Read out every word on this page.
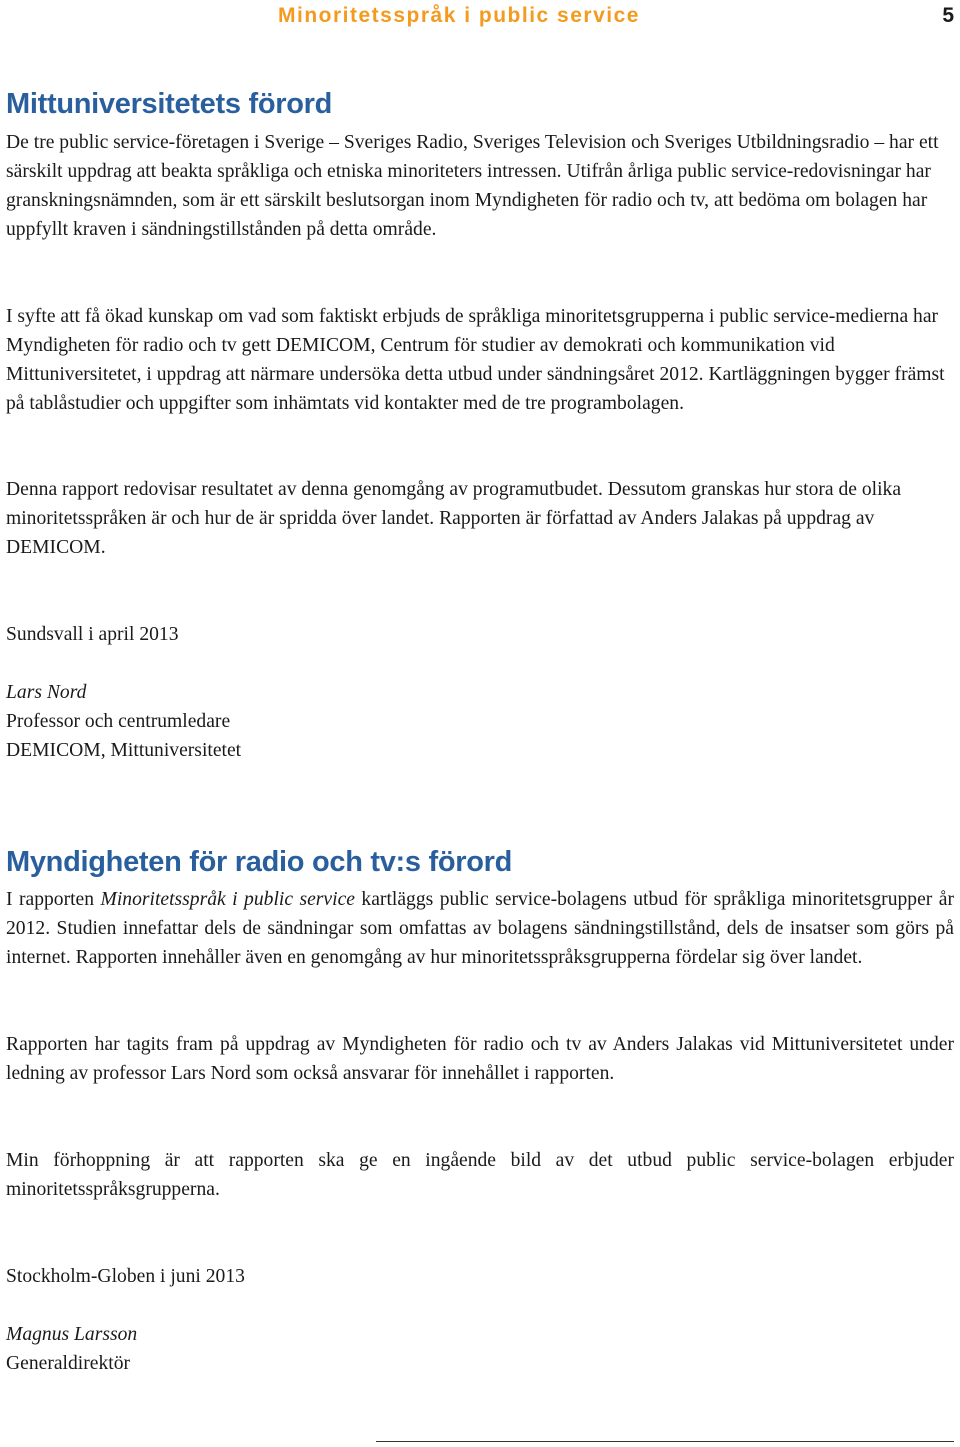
Minoritetsspråk i public service	5
Mittuniversitetets förord

De tre public service-företagen i Sverige – Sveriges Radio, Sveriges Television och Sveriges Utbildningsradio – har ett särskilt uppdrag att beakta språkliga och etniska minoriteters intressen. Utifrån årliga public service-redovisningar har granskningsnämnden, som är ett särskilt beslutsorgan inom Myndigheten för radio och tv, att bedöma om bolagen har uppfyllt kraven i sändningstillstånden på detta område.

I syfte att få ökad kunskap om vad som faktiskt erbjuds de språkliga minoritetsgrupperna i public service-medierna har Myndigheten för radio och tv gett DEMICOM, Centrum för studier av demokrati och kommunikation vid Mittuniversitetet, i uppdrag att närmare undersöka detta utbud under sändningsåret 2012. Kartläggningen bygger främst på tablåstudier och uppgifter som inhämtats vid kontakter med de tre programbolagen.

Denna rapport redovisar resultatet av denna genomgång av programutbudet. Dessutom granskas hur stora de olika minoritetsspråken är och hur de är spridda över landet. Rapporten är författad av Anders Jalakas på uppdrag av DEMICOM.

Sundsvall i april 2013
Lars Nord
Professor och centrumledare
DEMICOM, Mittuniversitetet
Myndigheten för radio och tv:s förord

I rapporten Minoritetsspråk i public service kartläggs public service-bolagens utbud för språkliga minoritetsgrupper år 2012. Studien innefattar dels de sändningar som omfattas av bolagens sändningstillstånd, dels de insatser som görs på internet. Rapporten innehåller även en genomgång av hur minoritetsspråksgrupperna fördelar sig över landet.

Rapporten har tagits fram på uppdrag av Myndigheten för radio och tv av Anders Jalakas vid Mittuniversitetet under ledning av professor Lars Nord som också ansvarar för innehållet i rapporten.

Min förhoppning är att rapporten ska ge en ingående bild av det utbud public service-bolagen erbjuder minoritetsspråksgrupperna.

Stockholm-Globen i juni 2013
Magnus Larsson
Generaldirektör
